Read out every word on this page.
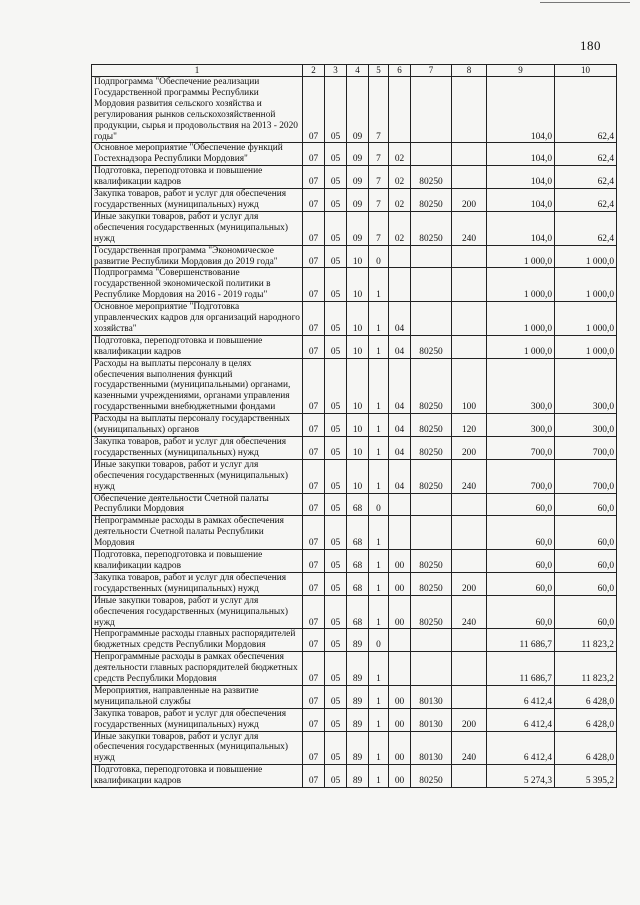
180
1	2	3	4	5	6	7	8	9	10
Подпрограмма "Обеспечение реализации Государственной программы Республики Мордовия развития сельского хозяйства и регулирования рынков сельскохозяйственной продукции, сырья и продовольствия на 2013 - 2020 годы"	07	05	09	7				104,0	62,4
Основное мероприятие "Обеспечение функций Гостехнадзора Республики Мордовия"	07	05	09	7	02			104,0	62,4
Подготовка, переподготовка и повышение квалификации кадров	07	05	09	7	02	80250		104,0	62,4
Закупка товаров, работ и услуг для обеспечения государственных (муниципальных) нужд	07	05	09	7	02	80250	200	104,0	62,4
Иные закупки товаров, работ и услуг для обеспечения государственных (муниципальных) нужд	07	05	09	7	02	80250	240	104,0	62,4
Государственная программа "Экономическое развитие Республики Мордовия до 2019 года"	07	05	10	0				1 000,0	1 000,0
Подпрограмма "Совершенствование государственной экономической политики в Республике Мордовия на 2016 - 2019 годы"	07	05	10	1				1 000,0	1 000,0
Основное мероприятие "Подготовка управленческих кадров для организаций народного хозяйства"	07	05	10	1	04			1 000,0	1 000,0
Подготовка, переподготовка и повышение квалификации кадров	07	05	10	1	04	80250		1 000,0	1 000,0
Расходы на выплаты персоналу в целях обеспечения выполнения функций государственными (муниципальными) органами, казенными учреждениями, органами управления государственными внебюджетными фондами	07	05	10	1	04	80250	100	300,0	300,0
Расходы на выплаты персоналу государственных (муниципальных) органов	07	05	10	1	04	80250	120	300,0	300,0
Закупка товаров, работ и услуг для обеспечения государственных (муниципальных) нужд	07	05	10	1	04	80250	200	700,0	700,0
Иные закупки товаров, работ и услуг для обеспечения государственных (муниципальных) нужд	07	05	10	1	04	80250	240	700,0	700,0
Обеспечение деятельности Счетной палаты Республики Мордовия	07	05	68	0				60,0	60,0
Непрограммные расходы в рамках обеспечения деятельности Счетной палаты Республики Мордовия	07	05	68	1				60,0	60,0
Подготовка, переподготовка и повышение квалификации кадров	07	05	68	1	00	80250		60,0	60,0
Закупка товаров, работ и услуг для обеспечения государственных (муниципальных) нужд	07	05	68	1	00	80250	200	60,0	60,0
Иные закупки товаров, работ и услуг для обеспечения государственных (муниципальных) нужд	07	05	68	1	00	80250	240	60,0	60,0
Непрограммные расходы главных распорядителей бюджетных средств Республики Мордовия	07	05	89	0				11 686,7	11 823,2
Непрограммные расходы в рамках обеспечения деятельности главных распорядителей бюджетных средств Республики Мордовия	07	05	89	1				11 686,7	11 823,2
Мероприятия, направленные на развитие муниципальной службы	07	05	89	1	00	80130		6 412,4	6 428,0
Закупка товаров, работ и услуг для обеспечения государственных (муниципальных) нужд	07	05	89	1	00	80130	200	6 412,4	6 428,0
Иные закупки товаров, работ и услуг для обеспечения государственных (муниципальных) нужд	07	05	89	1	00	80130	240	6 412,4	6 428,0
Подготовка, переподготовка и повышение квалификации кадров	07	05	89	1	00	80250		5 274,3	5 395,2
